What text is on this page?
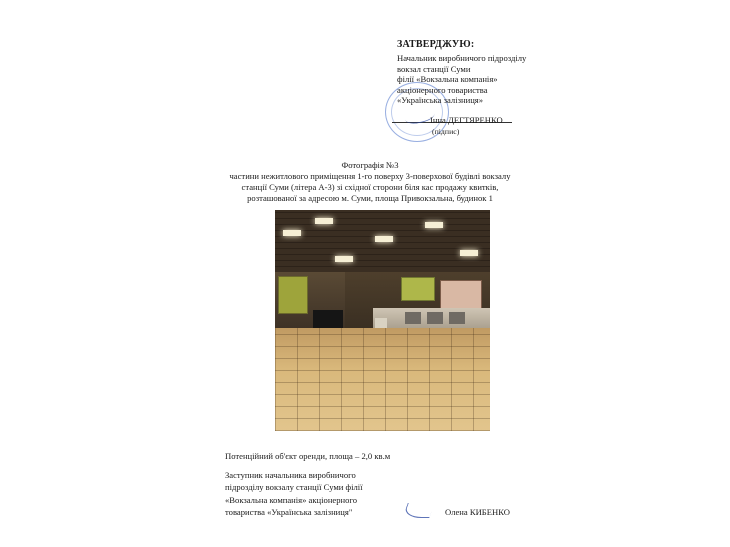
ЗАТВЕРДЖУЮ:
Начальник виробничого підрозділу
вокзал станції Суми
філії «Вокзальна компанія»
акціонерного товариства
«Українська залізниця»
Інна ДЕГТЯРЕНКО
(підпис)
Фотографія №3
частини нежитлового приміщення 1-го поверху 3-поверхової будівлі вокзалу
станції Суми (літера А-3) зі східної сторони біля кас продажу квитків,
розташованої за адресою м. Суми, площа Привокзальна, будинок 1
Потенційний об'єкт оренди, площа – 2,0 кв.м
Заступник начальника виробничого
підрозділу вокзалу станції Суми філії
«Вокзальна компанія» акціонерного
товариства «Українська залізниця"	Олена КИБЕНКО
